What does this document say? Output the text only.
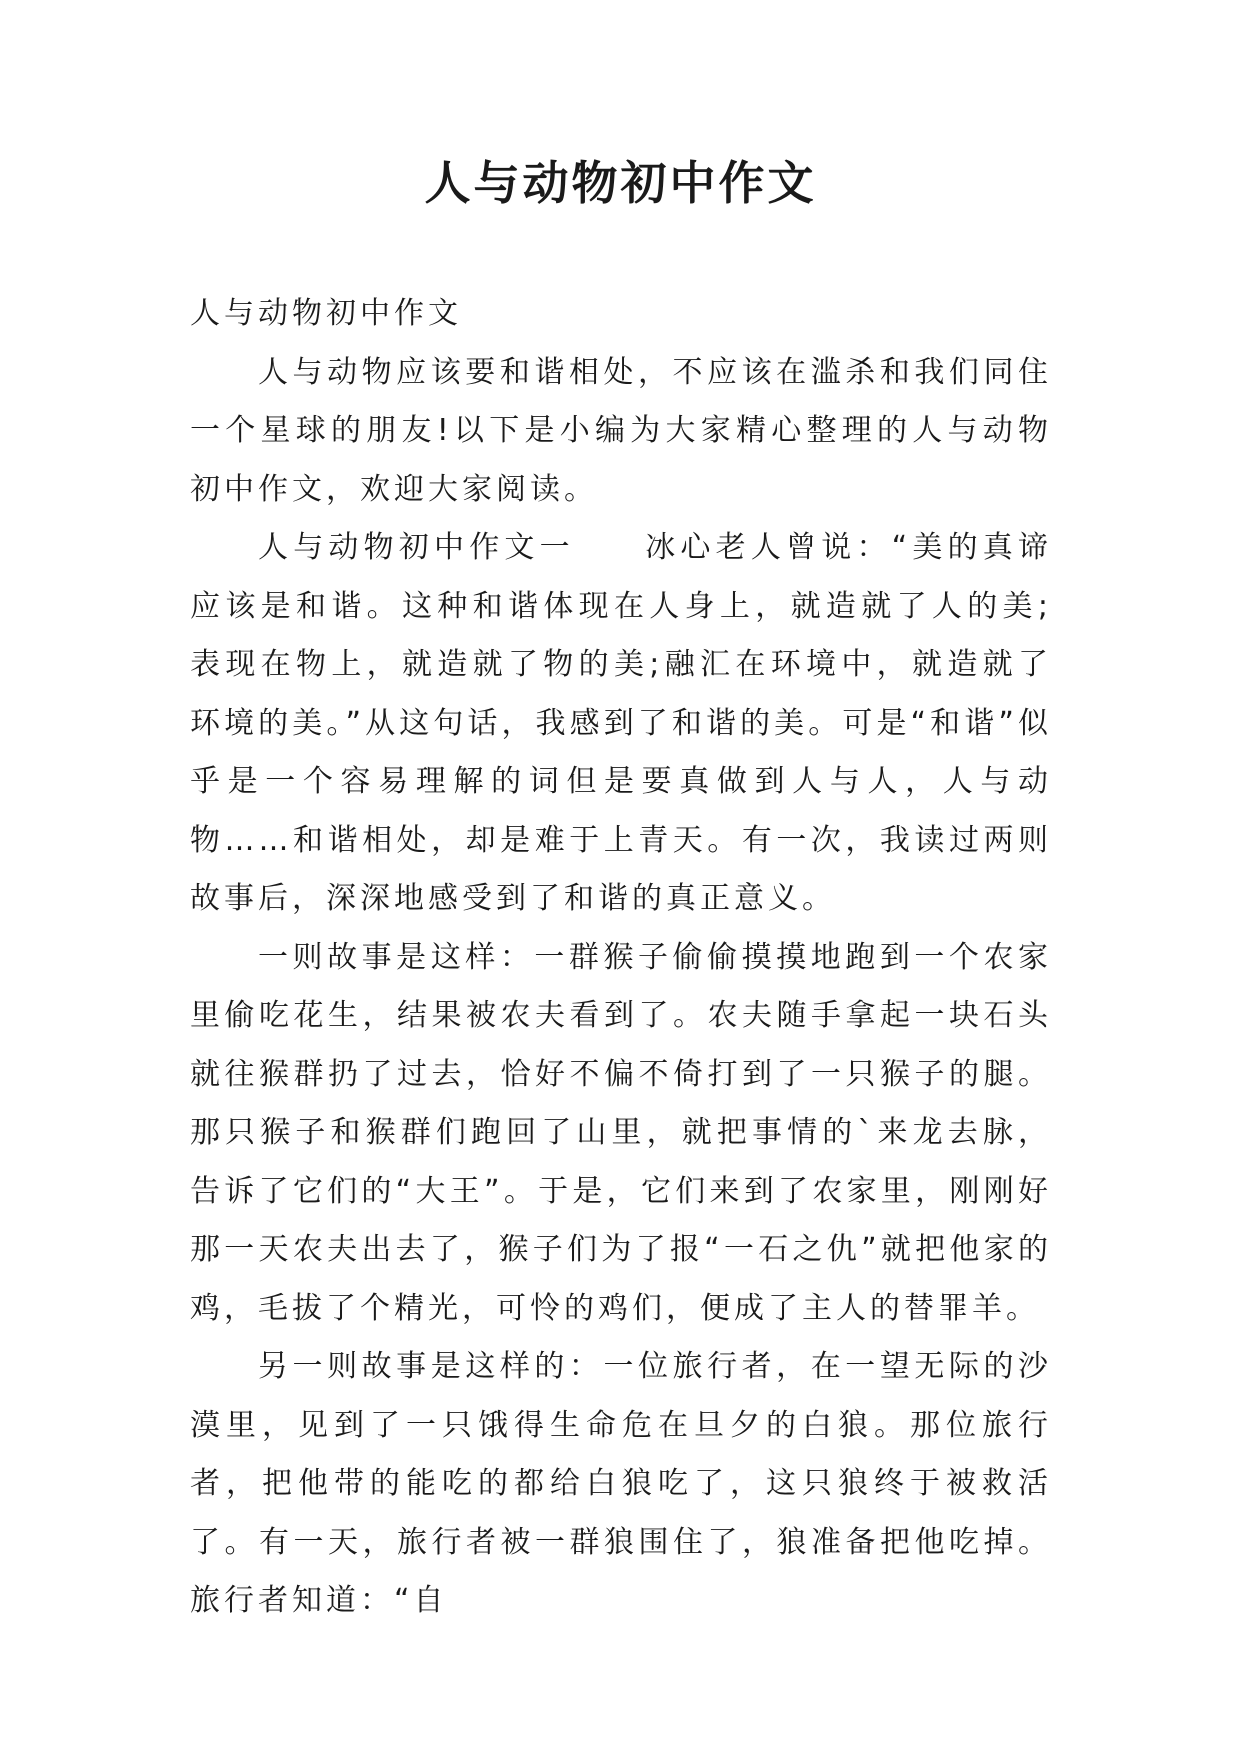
人与动物初中作文

人与动物初中作文

人与动物应该要和谐相处，不应该在滥杀和我们同住一个星球的朋友!以下是小编为大家精心整理的人与动物初中作文，欢迎大家阅读。

人与动物初中作文一　　冰心老人曾说：“美的真谛应该是和谐。这种和谐体现在人身上，就造就了人的美;表现在物上，就造就了物的美;融汇在环境中，就造就了环境的美。”从这句话，我感到了和谐的美。可是“和谐”似乎是一个容易理解的词但是要真做到人与人，人与动物……和谐相处，却是难于上青天。有一次，我读过两则故事后，深深地感受到了和谐的真正意义。

一则故事是这样：一群猴子偷偷摸摸地跑到一个农家里偷吃花生，结果被农夫看到了。农夫随手拿起一块石头就往猴群扔了过去，恰好不偏不倚打到了一只猴子的腿。那只猴子和猴群们跑回了山里，就把事情的`来龙去脉，告诉了它们的“大王”。于是，它们来到了农家里，刚刚好那一天农夫出去了，猴子们为了报“一石之仇”就把他家的鸡，毛拔了个精光，可怜的鸡们，便成了主人的替罪羊。

另一则故事是这样的：一位旅行者，在一望无际的沙漠里，见到了一只饿得生命危在旦夕的白狼。那位旅行者，把他带的能吃的都给白狼吃了，这只狼终于被救活了。有一天，旅行者被一群狼围住了，狼准备把他吃掉。旅行者知道：“自
